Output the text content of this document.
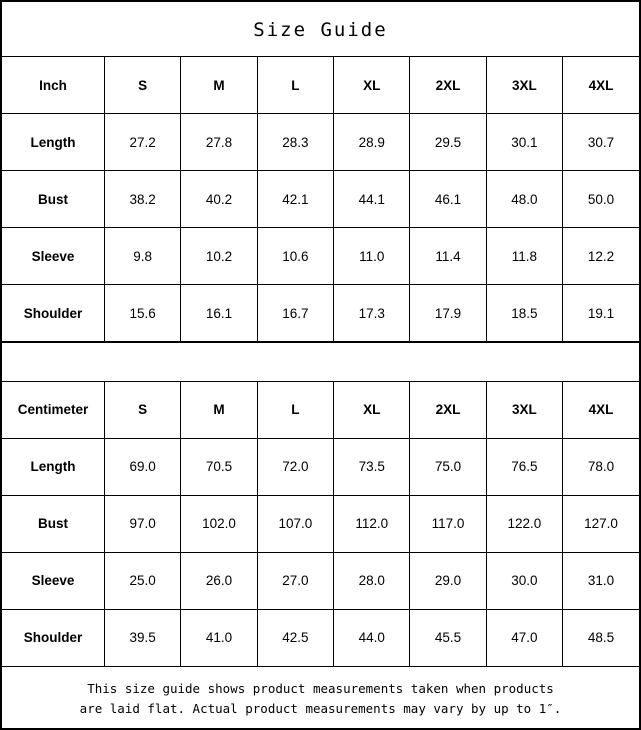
Size Guide
Inch	S	M	L	XL	2XL	3XL	4XL
Length	27.2	27.8	28.3	28.9	29.5	30.1	30.7
Bust	38.2	40.2	42.1	44.1	46.1	48.0	50.0
Sleeve	9.8	10.2	10.6	11.0	11.4	11.8	12.2
Shoulder	15.6	16.1	16.7	17.3	17.9	18.5	19.1
Centimeter	S	M	L	XL	2XL	3XL	4XL
Length	69.0	70.5	72.0	73.5	75.0	76.5	78.0
Bust	97.0	102.0	107.0	112.0	117.0	122.0	127.0
Sleeve	25.0	26.0	27.0	28.0	29.0	30.0	31.0
Shoulder	39.5	41.0	42.5	44.0	45.5	47.0	48.5
This size guide shows product measurements taken when products
are laid flat. Actual product measurements may vary by up to 1″.
